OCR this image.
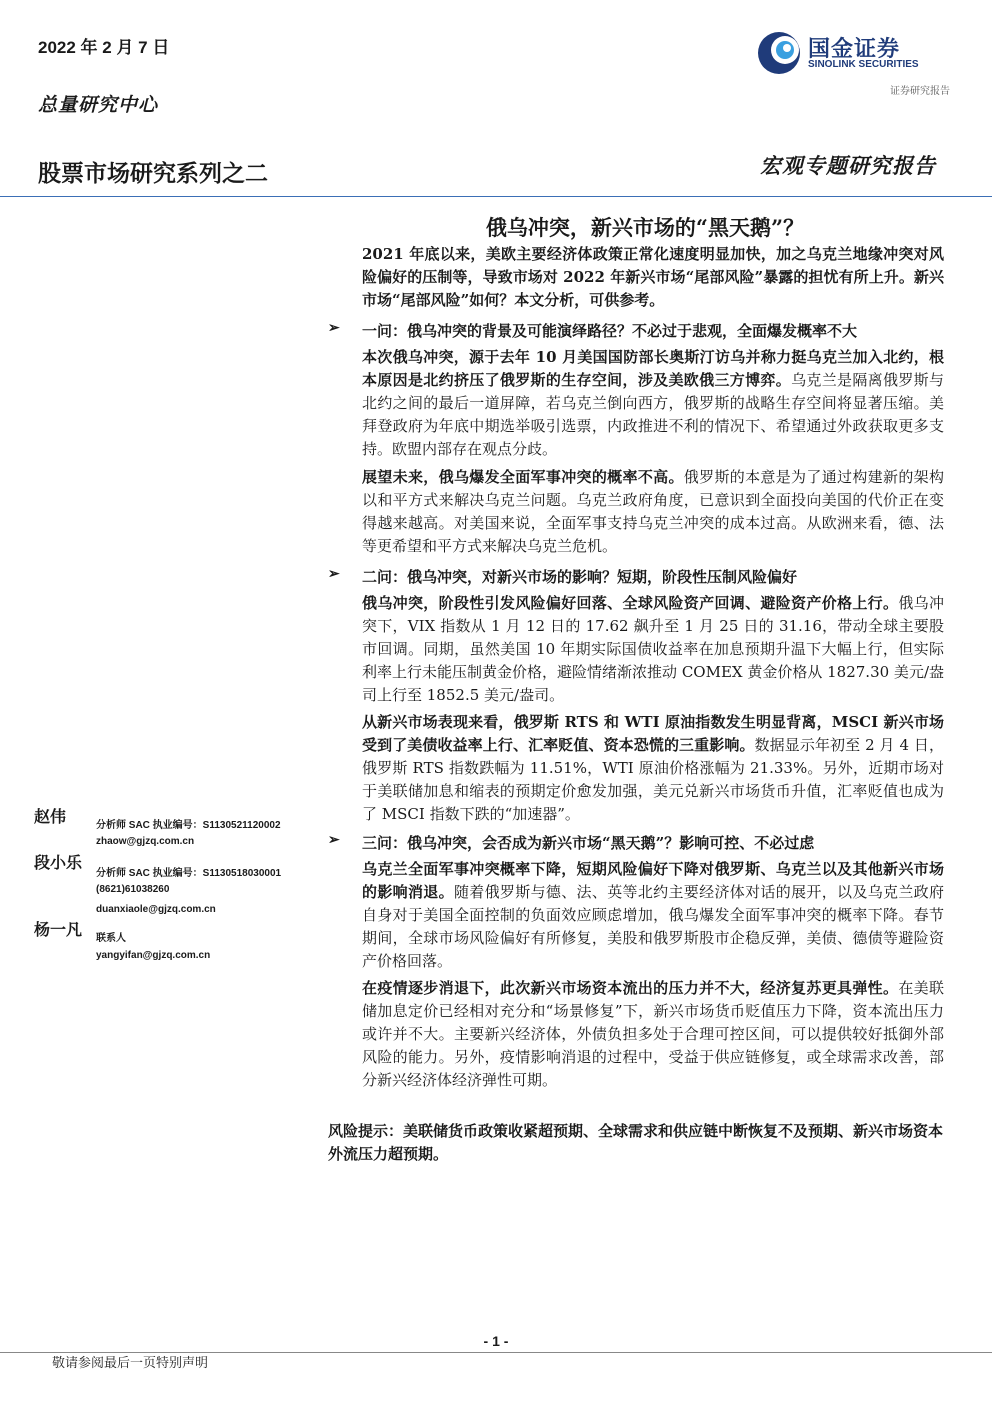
2022 年 2 月 7 日
总量研究中心
股票市场研究系列之二
国金证券
SINOLINK SECURITIES
证券研究报告
宏观专题研究报告
俄乌冲突，新兴市场的“黑天鹅”？
2021 年底以来，美欧主要经济体政策正常化速度明显加快，加之乌克兰地缘冲突对风险偏好的压制等，导致市场对 2022 年新兴市场“尾部风险”暴露的担忧有所上升。新兴市场“尾部风险”如何？本文分析，可供参考。
➢ 一问：俄乌冲突的背景及可能演绎路径？不必过于悲观，全面爆发概率不大
本次俄乌冲突，源于去年 10 月美国国防部长奥斯汀访乌并称力挺乌克兰加入北约，根本原因是北约挤压了俄罗斯的生存空间，涉及美欧俄三方博弈。乌克兰是隔离俄罗斯与北约之间的最后一道屏障，若乌克兰倒向西方，俄罗斯的战略生存空间将显著压缩。美拜登政府为年底中期选举吸引选票，内政推进不利的情况下、希望通过外政获取更多支持。欧盟内部存在观点分歧。
展望未来，俄乌爆发全面军事冲突的概率不高。俄罗斯的本意是为了通过构建新的架构以和平方式来解决乌克兰问题。乌克兰政府角度，已意识到全面投向美国的代价正在变得越来越高。对美国来说，全面军事支持乌克兰冲突的成本过高。从欧洲来看，德、法等更希望和平方式来解决乌克兰危机。
➢ 二问：俄乌冲突，对新兴市场的影响？短期，阶段性压制风险偏好
俄乌冲突，阶段性引发风险偏好回落、全球风险资产回调、避险资产价格上行。俄乌冲突下，VIX 指数从 1 月 12 日的 17.62 飙升至 1 月 25 日的 31.16，带动全球主要股市回调。同期，虽然美国 10 年期实际国债收益率在加息预期升温下大幅上行，但实际利率上行未能压制黄金价格，避险情绪渐浓推动 COMEX 黄金价格从 1827.30 美元/盎司上行至 1852.5 美元/盎司。
从新兴市场表现来看，俄罗斯 RTS 和 WTI 原油指数发生明显背离，MSCI 新兴市场受到了美债收益率上行、汇率贬值、资本恐慌的三重影响。数据显示年初至 2 月 4 日，俄罗斯 RTS 指数跌幅为 11.51%，WTI 原油价格涨幅为 21.33%。另外，近期市场对于美联储加息和缩表的预期定价愈发加强，美元兑新兴市场货币升值，汇率贬值也成为了 MSCI 指数下跌的“加速器”。
➢ 三问：俄乌冲突，会否成为新兴市场“黑天鹅”？影响可控、不必过虑
乌克兰全面军事冲突概率下降，短期风险偏好下降对俄罗斯、乌克兰以及其他新兴市场的影响消退。随着俄罗斯与德、法、英等北约主要经济体对话的展开，以及乌克兰政府自身对于美国全面控制的负面效应顾虑增加，俄乌爆发全面军事冲突的概率下降。春节期间，全球市场风险偏好有所修复，美股和俄罗斯股市企稳反弹，美债、德债等避险资产价格回落。
在疫情逐步消退下，此次新兴市场资本流出的压力并不大，经济复苏更具弹性。在美联储加息定价已经相对充分和“场景修复”下，新兴市场货币贬值压力下降，资本流出压力或许并不大。主要新兴经济体，外债负担多处于合理可控区间，可以提供较好抵御外部风险的能力。另外，疫情影响消退的过程中，受益于供应链修复，或全球需求改善，部分新兴经济体经济弹性可期。
赵伟	分析师 SAC 执业编号：S1130521120002
zhaow@gjzq.com.cn
段小乐
分析师 SAC 执业编号：S1130518030001
(8621)61038260
duanxiaole@gjzq.com.cn
杨一凡 联系人
yangyifan@gjzq.com.cn
风险提示：美联储货币政策收紧超预期、全球需求和供应链中断恢复不及预期、新兴市场资本外流压力超预期。
- 1 -
敬请参阅最后一页特别声明
